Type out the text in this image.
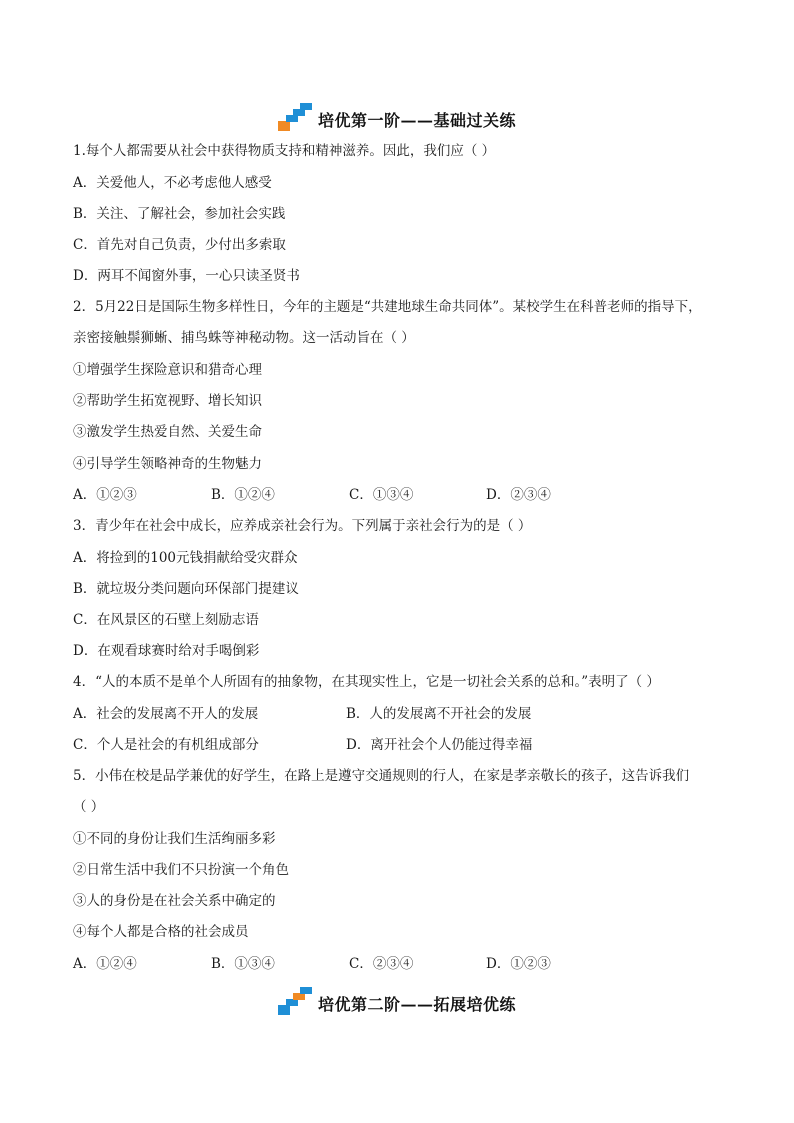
培优第一阶——基础过关练
1.每个人都需要从社会中获得物质支持和精神滋养。因此，我们应（ ）
A．关爱他人，不必考虑他人感受
B．关注、了解社会，参加社会实践
C．首先对自己负责，少付出多索取
D．两耳不闻窗外事，一心只读圣贤书
2．5月22日是国际生物多样性日，今年的主题是“共建地球生命共同体”。某校学生在科普老师的指导下，
亲密接触鬃狮蜥、捕鸟蛛等神秘动物。这一活动旨在（ ）
①增强学生探险意识和猎奇心理
②帮助学生拓宽视野、增长知识
③激发学生热爱自然、关爱生命
④引导学生领略神奇的生物魅力
A．①②③	B．①②④	C．①③④	D．②③④
3．青少年在社会中成长，应养成亲社会行为。下列属于亲社会行为的是（ ）
A．将捡到的100元钱捐献给受灾群众
B．就垃圾分类问题向环保部门提建议
C．在风景区的石壁上刻励志语
D．在观看球赛时给对手喝倒彩
4．“人的本质不是单个人所固有的抽象物，在其现实性上，它是一切社会关系的总和。”表明了（ ）
A．社会的发展离不开人的发展	B．人的发展离不开社会的发展
C．个人是社会的有机组成部分	D．离开社会个人仍能过得幸福
5．小伟在校是品学兼优的好学生，在路上是遵守交通规则的行人，在家是孝亲敬长的孩子，这告诉我们
（ ）
①不同的身份让我们生活绚丽多彩
②日常生活中我们不只扮演一个角色
③人的身份是在社会关系中确定的
④每个人都是合格的社会成员
A．①②④	B．①③④	C．②③④	D．①②③
培优第二阶——拓展培优练
